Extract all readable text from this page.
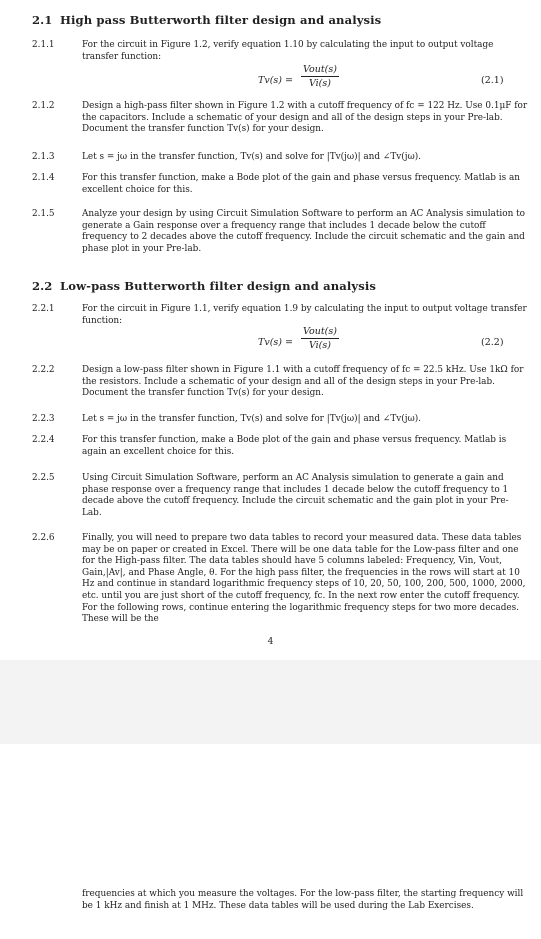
2.1 High pass Butterworth filter design and analysis
2.1.1	For the circuit in Figure 1.2, verify equation 1.10 by calculating the input to output voltage transfer function:
Tv(s) =
Vout(s)
Vi(s)	(2.1)
2.1.2	Design a high-pass filter shown in Figure 1.2 with a cutoff frequency of fc = 122 Hz. Use 0.1μF for the capacitors. Include a schematic of your design and all of the design steps in your Pre-lab. Document the transfer function Tv(s) for your design.
2.1.3	Let s = jω in the transfer function, Tv(s) and solve for |Tv(jω)| and ∠Tv(jω).
2.1.4	For this transfer function, make a Bode plot of the gain and phase versus frequency. Matlab is an excellent choice for this.
2.1.5	Analyze your design by using Circuit Simulation Software to perform an AC Analysis simulation to generate a Gain response over a frequency range that includes 1 decade below the cutoff frequency to 2 decades above the cutoff frequency. Include the circuit schematic and the gain and phase plot in your Pre-lab.
2.2 Low-pass Butterworth filter design and analysis
2.2.1	For the circuit in Figure 1.1, verify equation 1.9 by calculating the input to output voltage transfer function:
Tv(s) =
Vout(s)
Vi(s)	(2.2)
2.2.2	Design a low-pass filter shown in Figure 1.1 with a cutoff frequency of fc = 22.5 kHz. Use 1kΩ for the resistors. Include a schematic of your design and all of the design steps in your Pre-lab. Document the transfer function Tv(s) for your design.
2.2.3	Let s = jω in the transfer function, Tv(s) and solve for |Tv(jω)| and ∠Tv(jω).
2.2.4	For this transfer function, make a Bode plot of the gain and phase versus frequency. Matlab is again an excellent choice for this.
2.2.5	Using Circuit Simulation Software, perform an AC Analysis simulation to generate a gain and phase response over a frequency range that includes 1 decade below the cutoff frequency to 1 decade above the cutoff frequency. Include the circuit schematic and the gain plot in your Pre-Lab.
2.2.6	Finally, you will need to prepare two data tables to record your measured data. These data tables may be on paper or created in Excel. There will be one data table for the Low-pass filter and one for the High-pass filter. The data tables should have 5 columns labeled: Frequency, Vin, Vout, Gain,|Av|, and Phase Angle, θ. For the high pass filter, the frequencies in the rows will start at 10 Hz and continue in standard logarithmic frequency steps of 10, 20, 50, 100, 200, 500, 1000, 2000, etc. until you are just short of the cutoff frequency, fc. In the next row enter the cutoff frequency. For the following rows, continue entering the logarithmic frequency steps for two more decades. These will be the
4
frequencies at which you measure the voltages. For the low-pass filter, the starting frequency will be 1 kHz and finish at 1 MHz. These data tables will be used during the Lab Exercises.
